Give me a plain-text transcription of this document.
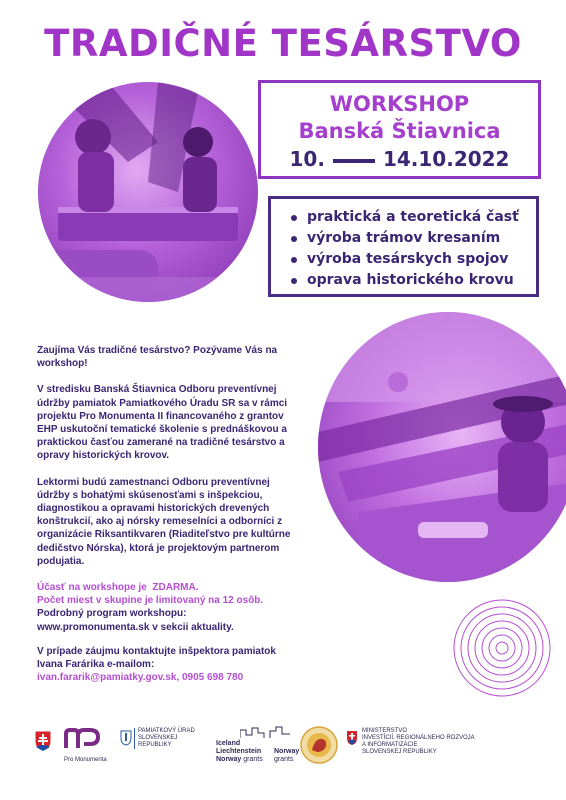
TRADIČNÉ TESÁRSTVO
WORKSHOP
Banská Štiavnica
10.	14.10.2022
praktická a teoretická časť
výroba trámov kresaním
výroba tesárskych spojov
oprava historického krovu

Zaujíma Vás tradičné tesárstvo? Pozývame Vás na workshop!

V stredisku Banská Štiavnica Odboru preventívnej údržby pamiatok Pamiatkového Úradu SR sa v rámci projektu Pro Monumenta II financovaného z grantov EHP uskutoční tematické školenie s prednáškovou a praktickou časťou zamerané na tradičné tesárstvo a opravy historických krovov.

Lektormi budú zamestnanci Odboru preventívnej údržby s bohatými skúsenosťami s inšpekciou, diagnostikou a opravami historických drevených konštrukcií, ako aj nórsky remeselníci a odborníci z organizácie Riksantikvaren (Riaditeľstvo pre kultúrne dedičstvo Nórska), ktorá je projektovým partnerom podujatia.

Účasť na workshope je ZDARMA.
Počet miest v skupine je limitovaný na 12 osôb.
Podrobný program workshopu:
www.promonumenta.sk v sekcii aktuality.

V prípade záujmu kontaktujte inšpektora pamiatok Ivana Farárika e-mailom:
ivan.fararik@pamiatky.gov.sk, 0905 698 780

Pro Monumenta
PAMIATKOVÝ ÚRAD
SLOVENSKEJ REPUBLIKY	Iceland
Liechtenstein
Norway grants
Norway
grants
MINISTERSTVO
INVESTÍCIÍ, REGIONÁLNEHO ROZVOJA
A INFORMATIZÁCIE
SLOVENSKEJ REPUBLIKY
